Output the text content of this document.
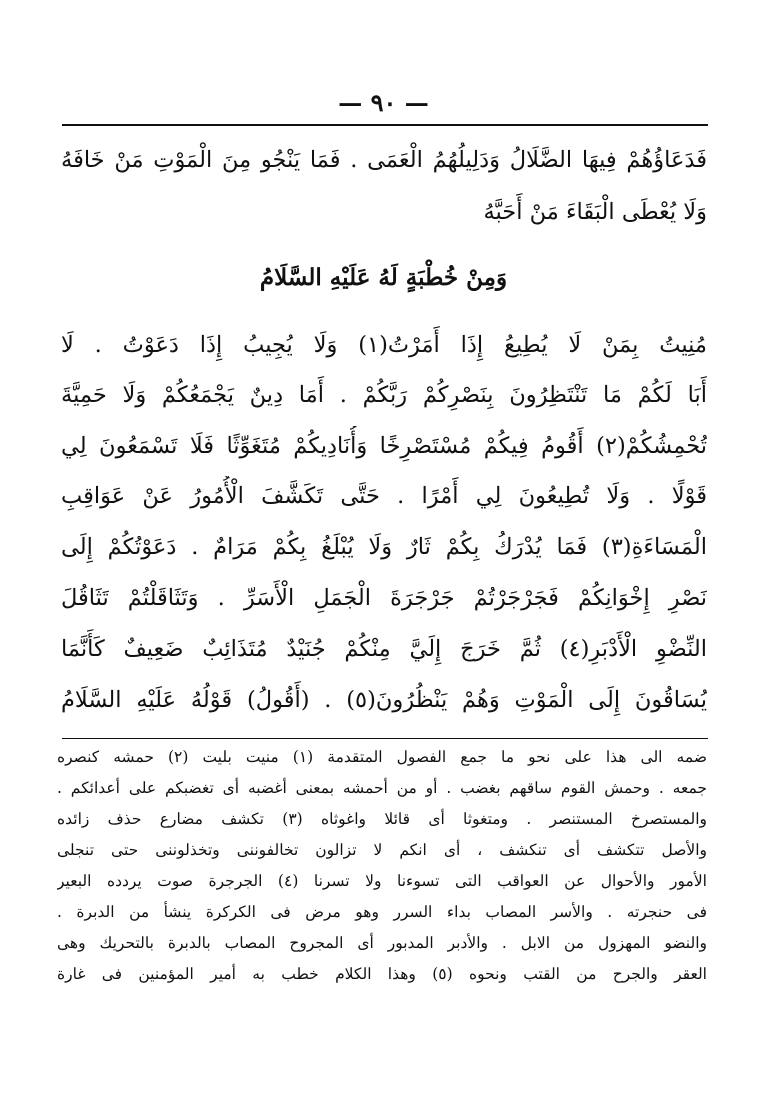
— ٩٠ —
فَدَعَاؤُهُمْ فِيهَا الضَّلَالُ وَدَلِيلُهُمُ الْعَمَى . فَمَا يَنْجُو مِنَ الْمَوْتِ مَنْ خَافَهُ
وَلَا يُعْطَى الْبَقَاءَ مَنْ أَحَبَّهُ
وَمِنْ خُطْبَةٍ لَهُ عَلَيْهِ السَّلَامُ
مُنِيتُ بِمَنْ لَا يُطِيعُ إِذَا أَمَرْتُ(١) وَلَا يُجِيبُ إِذَا دَعَوْتُ . لَا
أَبَا لَكُمْ مَا تَنْتَظِرُونَ بِنَصْرِكُمْ رَبَّكُمْ . أَمَا دِينٌ يَجْمَعُكُمْ وَلَا حَمِيَّةَ
تُحْمِشُكُمْ(٢) أَقُومُ فِيكُمْ مُسْتَصْرِخًا وَأُنَادِيكُمْ مُتَغَوِّثًا فَلَا تَسْمَعُونَ لِي
قَوْلًا . وَلَا تُطِيعُونَ لِي أَمْرًا . حَتَّى تَكَشَّفَ الْأُمُورُ عَنْ عَوَاقِبِ
الْمَسَاءَةِ(٣) فَمَا يُدْرَكُ بِكُمْ ثَارٌ وَلَا يُبْلَغُ بِكُمْ مَرَامٌ . دَعَوْتُكُمْ إِلَى
نَصْرِ إِخْوَانِكُمْ فَجَرْجَرْتُمْ جَرْجَرَةَ الْجَمَلِ الْأَسَرِّ . وَتَثَاقَلْتُمْ تَثَاقُلَ
النِّضْوِ الْأَدْبَرِ(٤) ثُمَّ خَرَجَ إِلَيَّ مِنْكُمْ جُنَيْدٌ مُتَذَائِبٌ ضَعِيفٌ كَأَنَّمَا
يُسَاقُونَ إِلَى الْمَوْتِ وَهُمْ يَنْظُرُونَ(٥) . (أَقُولُ) قَوْلُهُ عَلَيْهِ السَّلَامُ
ضمه الى هذا على نحو ما جمع الفصول المتقدمة (١) منيت بليت (٢) حمشه كنصره
جمعه . وحمش القوم ساقهم بغضب . أو من أحمشه بمعنى أغضبه أى تغضبكم على أعدائكم .
والمستصرخ المستنصر . ومتغوثا أى قائلا واغوثاه (٣) تكشف مضارع حذف زائده
والأصل تتكشف أى تنكشف ، أى انكم لا تزالون تخالفوننى وتخذلوننى حتى تنجلى
الأمور والأحوال عن العواقب التى تسوءنا ولا تسرنا (٤) الجرجرة صوت يردده البعير
فى حنجرته . والأسر المصاب بداء السرر وهو مرض فى الكركرة ينشأ من الدبرة .
والنضو المهزول من الابل . والأدبر المدبور أى المجروح المصاب بالدبرة بالتحريك وهى
العقر والجرح من القتب ونحوه (٥) وهذا الكلام خطب به أمير المؤمنين فى غارة
